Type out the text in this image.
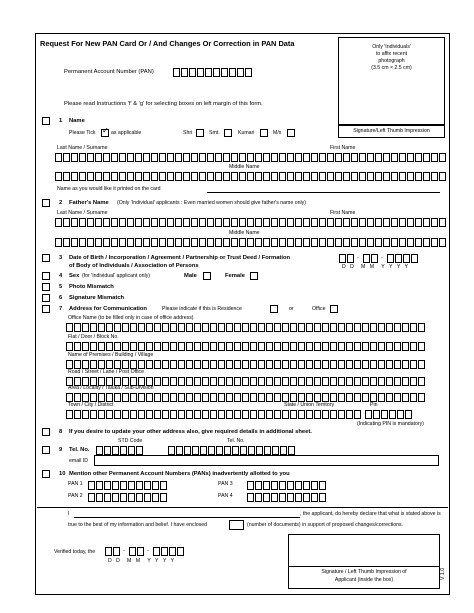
Request For New PAN Card Or / And Changes Or Correction in PAN Data	Only 'Individuals'
to affix recent
photograph
(3.5 cm × 2.5 cm)
Signature/Left Thumb Impression
Permanent Account Number (PAN)
Please read Instructions 'f' & 'g' for selecting boxes on left margin of this form.
1 Name
Please Tick ✓ as applicable	Shri	Smt.	Kumari	M/s
Last Name / Surname	First Name
Middle Name
Name as you would like it printed on the card
2 Father's Name (Only 'Individual' applicants : Even married women should give father's name only)
Last Name / Surname	First Name
Middle Name
3 Date of Birth / Incorporation / Agreement / Partnership or Trust Deed / Formation
of Body of Individuals / Association of Persons
-	-
D D M M Y Y Y Y
4 Sex (for 'Individual' applicant only)	Male	Female
5 Photo Mismatch
6 Signature Mismatch
7 Address for Communication	Please indicate if this is Residence	or	Office
Office Name (to be filled only in case of office address)
Flat / Door / Block No.
Name of Premises / Building / Village
Road / Street / Lane / Post Office
Area / Locality / Taluka / Sub-Division
Town / City / District	State / Union Territory	Pin
(Indicating PIN is mandatory)
8 If you desire to update your other address also, give required details in additional sheet.
STD Code	Tel. No.
9 Tel. No.
email ID
10 Mention other Permanent Account Numbers (PANs) inadvertently allotted to you
PAN 1	PAN 3
PAN 2	PAN 4
I	, the applicant, do hereby declare that what is stated above is
true to the best of my information and belief. I have enclosed	(number of documents) in support of proposed changes/corrections.
Verified today, the	-	-
D D M M Y Y Y Y
Signature / Left Thumb Impression of
Applicant (inside the box)	V 1.0
